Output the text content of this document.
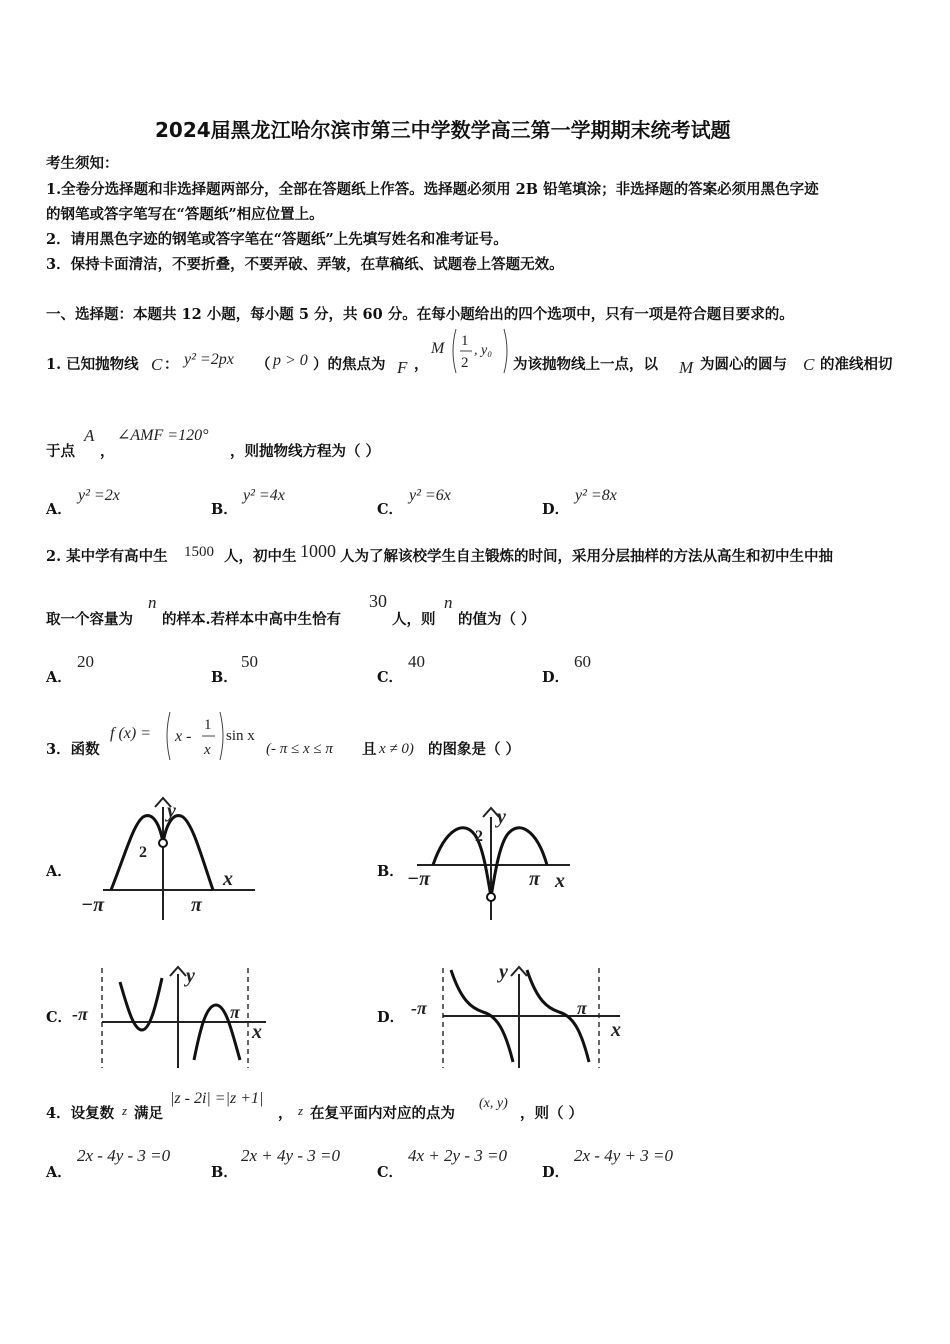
2024届黑龙江哈尔滨市第三中学数学高三第一学期期末统考试题
考生须知：
1.全卷分选择题和非选择题两部分，全部在答题纸上作答。选择题必须用 2B 铅笔填涂；非选择题的答案必须用黑色字迹
的钢笔或答字笔写在“答题纸”相应位置上。
2．请用黑色字迹的钢笔或答字笔在“答题纸”上先填写姓名和准考证号。
3．保持卡面清洁，不要折叠，不要弄破、弄皱，在草稿纸、试题卷上答题无效。
一、选择题：本题共 12 小题，每小题 5 分，共 60 分。在每小题给出的四个选项中，只有一项是符合题目要求的。
1. 已知抛物线 C ： y² =2px （ p > 0 ）的焦点为 F ，
M 1
2
, y₀
为该抛物线上一点，以 M 为圆心的圆与 C 的准线相切
于点
A
，
∠AMF =120°
，则抛物线方程为（ ）
A．
y² =2x
B．
y² =4x
C．
y² =6x
D．
y² =8x
2. 某中学有高中生 1500 人，初中生 1000 人为了解该校学生自主锻炼的时间，采用分层抽样的方法从高生和初中生中抽
取一个容量为
n
的样本.若样本中高中生恰有
30
人，则
n
的值为（ ）
A．
20
B．
50
C．
40
D．
60
3．函数
f (x) = x -
1
x
sin x
(- π ≤ x ≤ π 且 x ≠ 0) 的图象是（ ）
A．
y
2
x
−π	π
B．
y
2
x
−π	π
C．
y
x
-π	π	D．
y
x
-π	π
4．设复数 z 满足
|z - 2i| =|z +1|
， z 在复平面内对应的点为
(x, y)
，则（ ）
A．
2x - 4y - 3 =0
B．
2x + 4y - 3 =0
C．
4x + 2y - 3 =0
D．
2x - 4y + 3 =0
